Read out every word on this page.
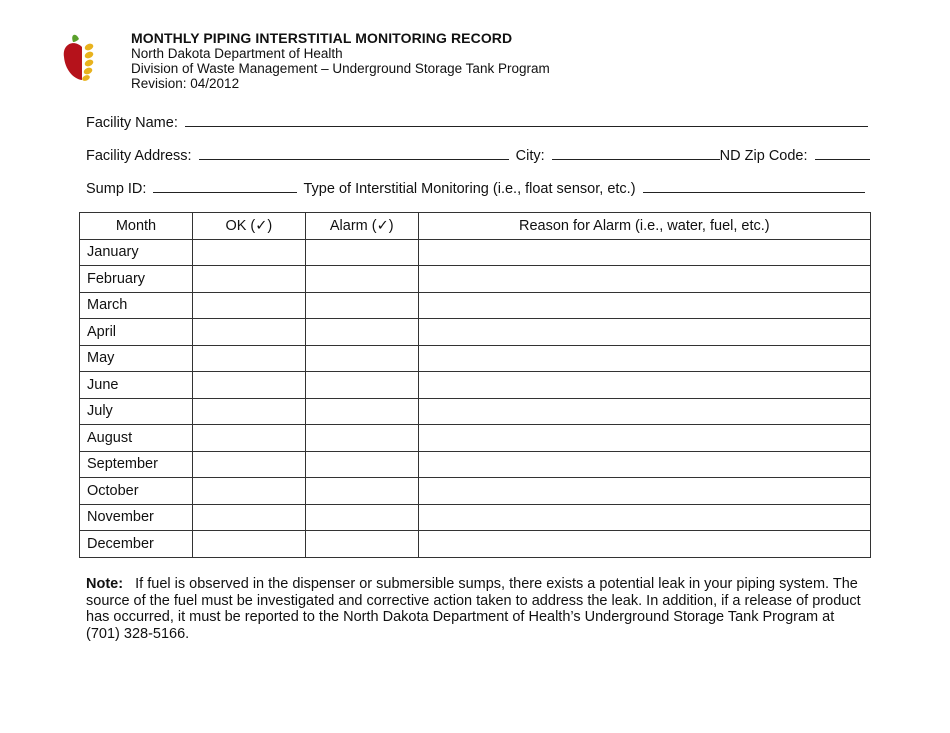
MONTHLY PIPING INTERSTITIAL MONITORING RECORD
North Dakota Department of Health
Division of Waste Management – Underground Storage Tank Program
Revision: 04/2012
Facility Name:
Facility Address:	City:	ND Zip Code:
Sump ID:	Type of Interstitial Monitoring (i.e., float sensor, etc.)
Month	OK (✓)	Alarm (✓)	Reason for Alarm (i.e., water, fuel, etc.)
January			
February			
March			
April			
May			
June			
July			
August			
September			
October			
November			
December			
Note: If fuel is observed in the dispenser or submersible sumps, there exists a potential leak in your piping system. The source of the fuel must be investigated and corrective action taken to address the leak. In addition, if a release of product has occurred, it must be reported to the North Dakota Department of Health’s Underground Storage Tank Program at (701) 328-5166.
